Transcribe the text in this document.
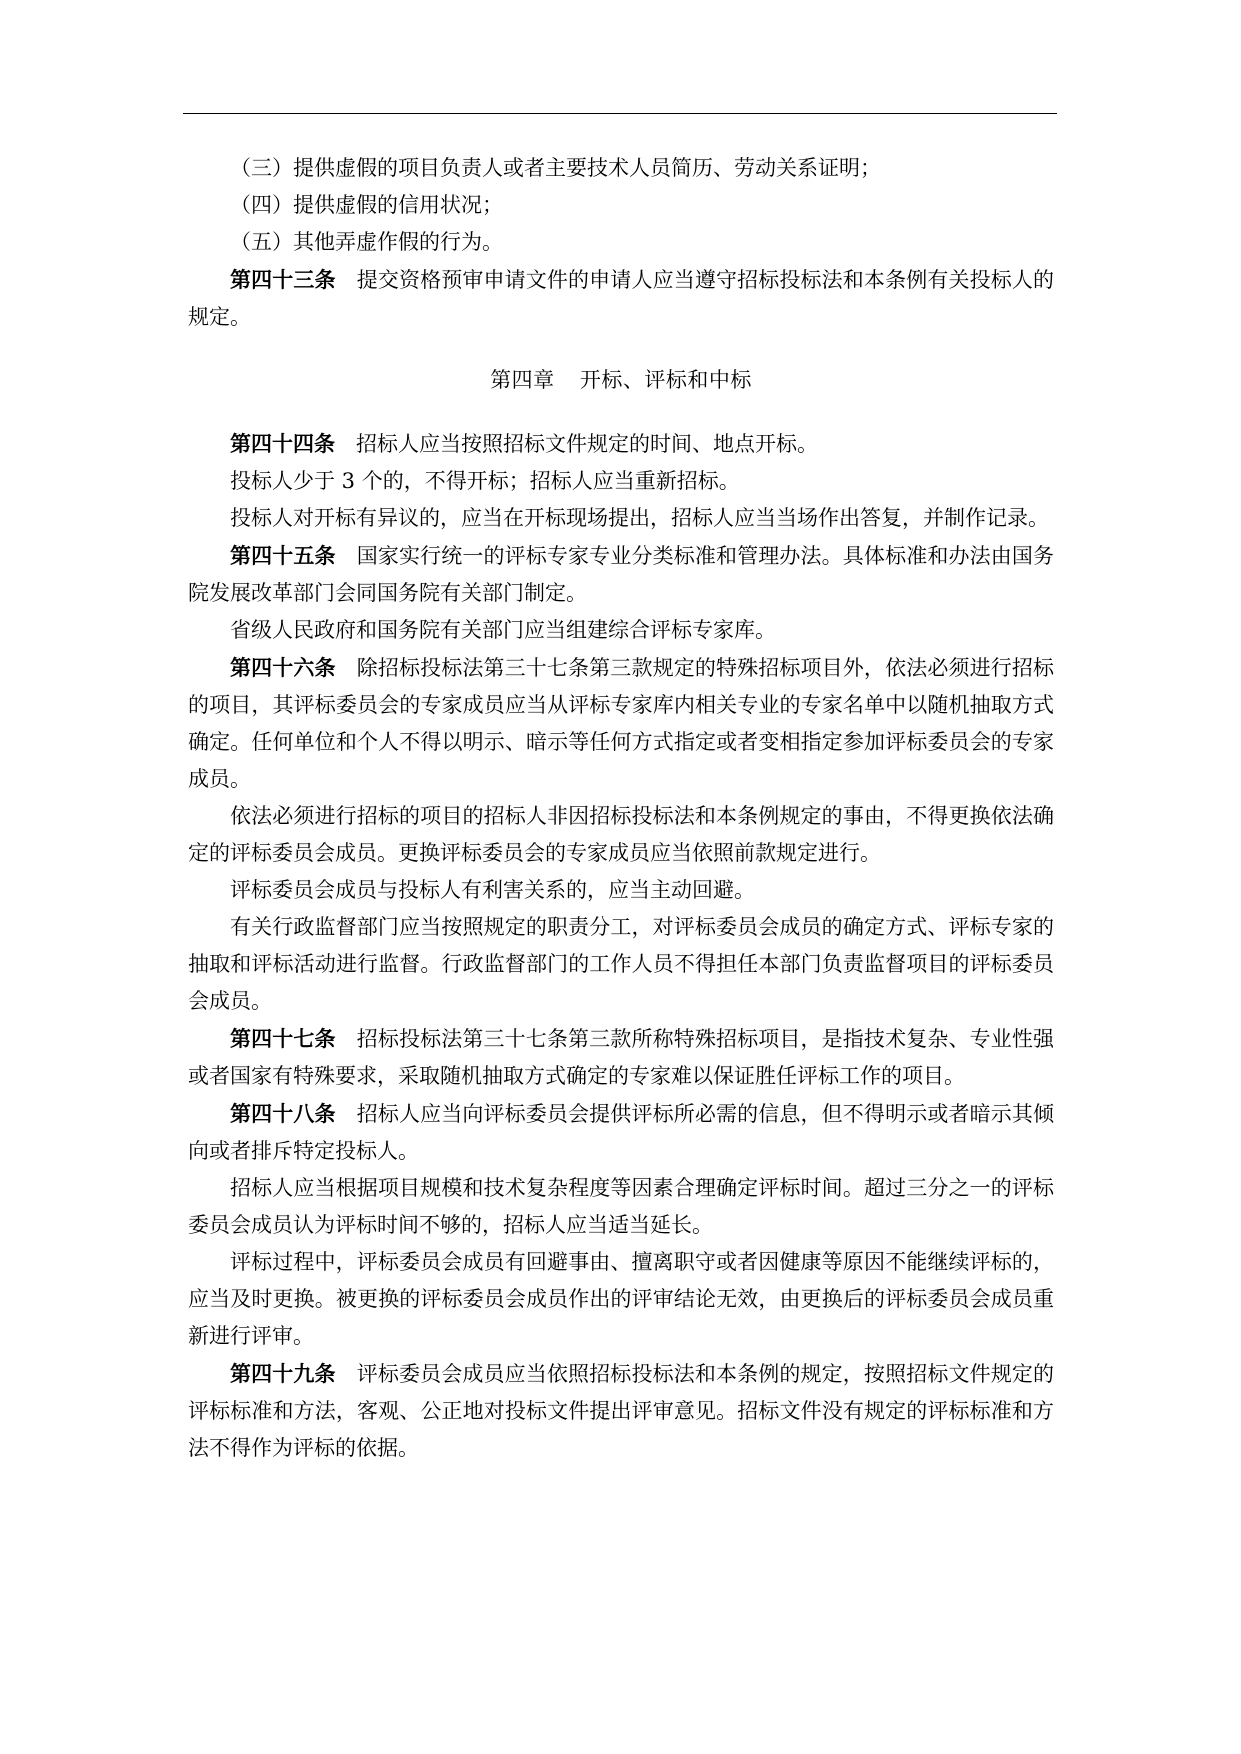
（三）提供虚假的项目负责人或者主要技术人员简历、劳动关系证明；

（四）提供虚假的信用状况；

（五）其他弄虚作假的行为。

第四十三条 提交资格预审申请文件的申请人应当遵守招标投标法和本条例有关投标人的规定。

第四章 开标、评标和中标

第四十四条 招标人应当按照招标文件规定的时间、地点开标。

投标人少于 3 个的，不得开标；招标人应当重新招标。

投标人对开标有异议的，应当在开标现场提出，招标人应当当场作出答复，并制作记录。

第四十五条 国家实行统一的评标专家专业分类标准和管理办法。具体标准和办法由国务院发展改革部门会同国务院有关部门制定。

省级人民政府和国务院有关部门应当组建综合评标专家库。

第四十六条 除招标投标法第三十七条第三款规定的特殊招标项目外，依法必须进行招标的项目，其评标委员会的专家成员应当从评标专家库内相关专业的专家名单中以随机抽取方式确定。任何单位和个人不得以明示、暗示等任何方式指定或者变相指定参加评标委员会的专家成员。

依法必须进行招标的项目的招标人非因招标投标法和本条例规定的事由，不得更换依法确定的评标委员会成员。更换评标委员会的专家成员应当依照前款规定进行。

评标委员会成员与投标人有利害关系的，应当主动回避。

有关行政监督部门应当按照规定的职责分工，对评标委员会成员的确定方式、评标专家的抽取和评标活动进行监督。行政监督部门的工作人员不得担任本部门负责监督项目的评标委员会成员。

第四十七条 招标投标法第三十七条第三款所称特殊招标项目，是指技术复杂、专业性强或者国家有特殊要求，采取随机抽取方式确定的专家难以保证胜任评标工作的项目。

第四十八条 招标人应当向评标委员会提供评标所必需的信息，但不得明示或者暗示其倾向或者排斥特定投标人。

招标人应当根据项目规模和技术复杂程度等因素合理确定评标时间。超过三分之一的评标委员会成员认为评标时间不够的，招标人应当适当延长。

评标过程中，评标委员会成员有回避事由、擅离职守或者因健康等原因不能继续评标的，应当及时更换。被更换的评标委员会成员作出的评审结论无效，由更换后的评标委员会成员重新进行评审。

第四十九条 评标委员会成员应当依照招标投标法和本条例的规定，按照招标文件规定的评标标准和方法，客观、公正地对投标文件提出评审意见。招标文件没有规定的评标标准和方法不得作为评标的依据。
